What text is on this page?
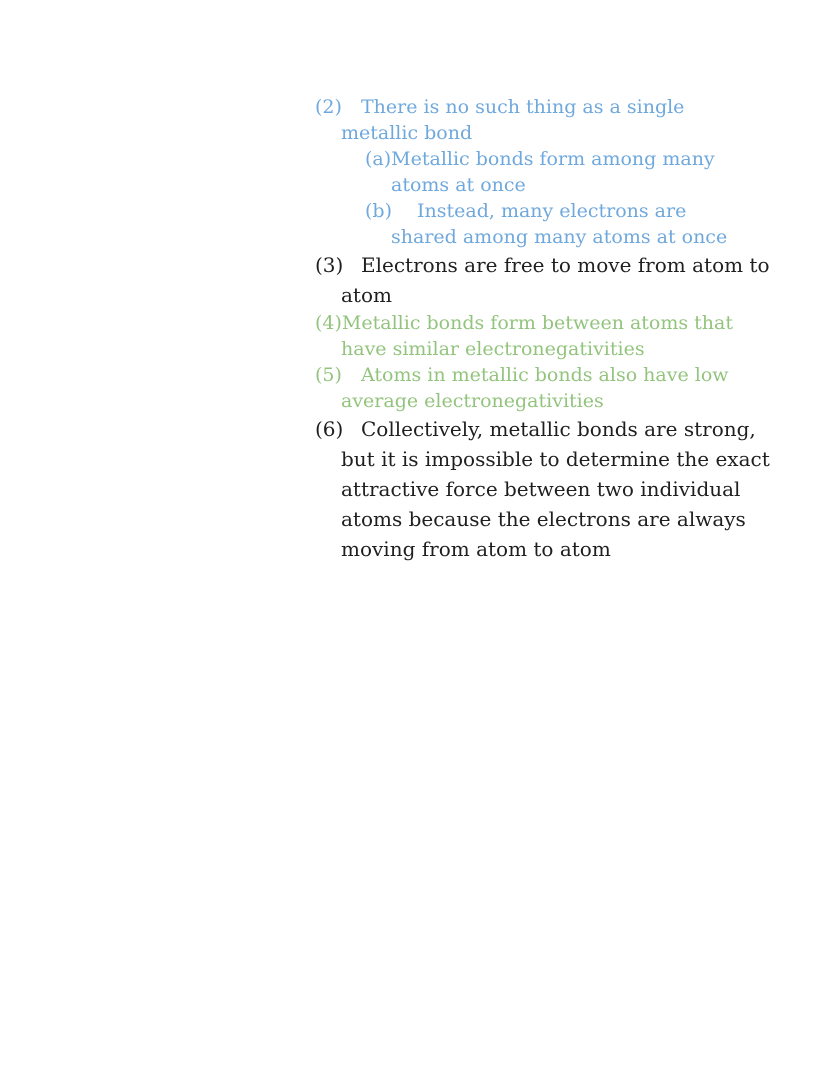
(2) There is no such thing as a single
metallic bond
(a)Metallic bonds form among many
atoms at once
(b) Instead, many electrons are
shared among many atoms at once
(3) Electrons are free to move from atom to
atom
(4)Metallic bonds form between atoms that
have similar electronegativities
(5) Atoms in metallic bonds also have low
average electronegativities
(6) Collectively, metallic bonds are strong,
but it is impossible to determine the exact
attractive force between two individual
atoms because the electrons are always
moving from atom to atom
